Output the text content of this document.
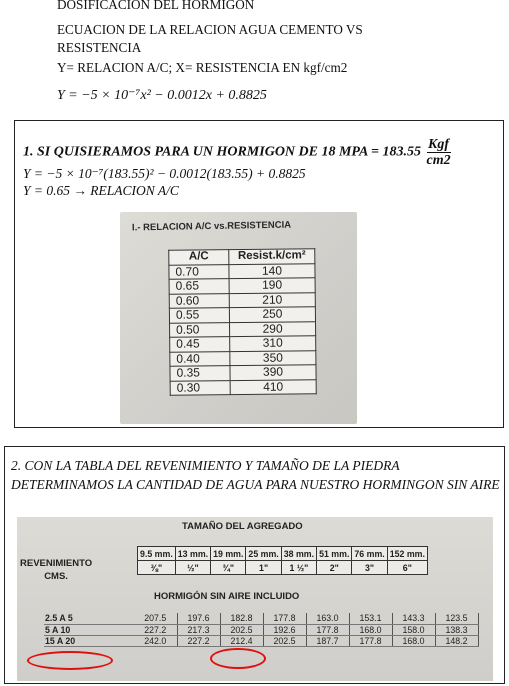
DOSIFICACION DEL HORMIGON
ECUACION DE LA RELACION AGUA CEMENTO VS
RESISTENCIA
Y= RELACION A/C; X= RESISTENCIA EN kgf/cm2
Y = −5 × 10⁻⁷x² − 0.0012x + 0.8825
1. SI QUISIERAMOS PARA UN HORMIGON DE 18 MPA = $183.55 \frac{\text{Kgf}}{cm2}$
Y = −5 × 10⁻⁷(183.55)² − 0.0012(183.55) + 0.8825
Y = 0.65 → RELACION A/C
I.- RELACION A/C vs.RESISTENCIA
A/C	Resist.k/cm²
0.70	140
0.65	190
0.60	210
0.55	250
0.50	290
0.45	310
0.40	350
0.35	390
0.30	410
2. CON LA TABLA DEL REVENIMIENTO Y TAMAÑO DE LA PIEDRA DETERMINAMOS LA CANTIDAD DE AGUA PARA NUESTRO HORMINGON SIN AIRE
TAMAÑO DEL AGREGADO
REVENIMIENTO
CMS.
9.5 mm.	13 mm.	19 mm.	25 mm.	38 mm.	51 mm.	76 mm.	152 mm.
⅜"	½"	¾"	1"	1 ½"	2"	3"	6"
HORMIGÓN SIN AIRE INCLUIDO
2.5 A 5	207.5	197.6	182.8	177.8	163.0	153.1	143.3	123.5
5 A 10	227.2	217.3	202.5	192.6	177.8	168.0	158.0	138.3
15 A 20	242.0	227.2	212.4	202.5	187.7	177.8	168.0	148.2
